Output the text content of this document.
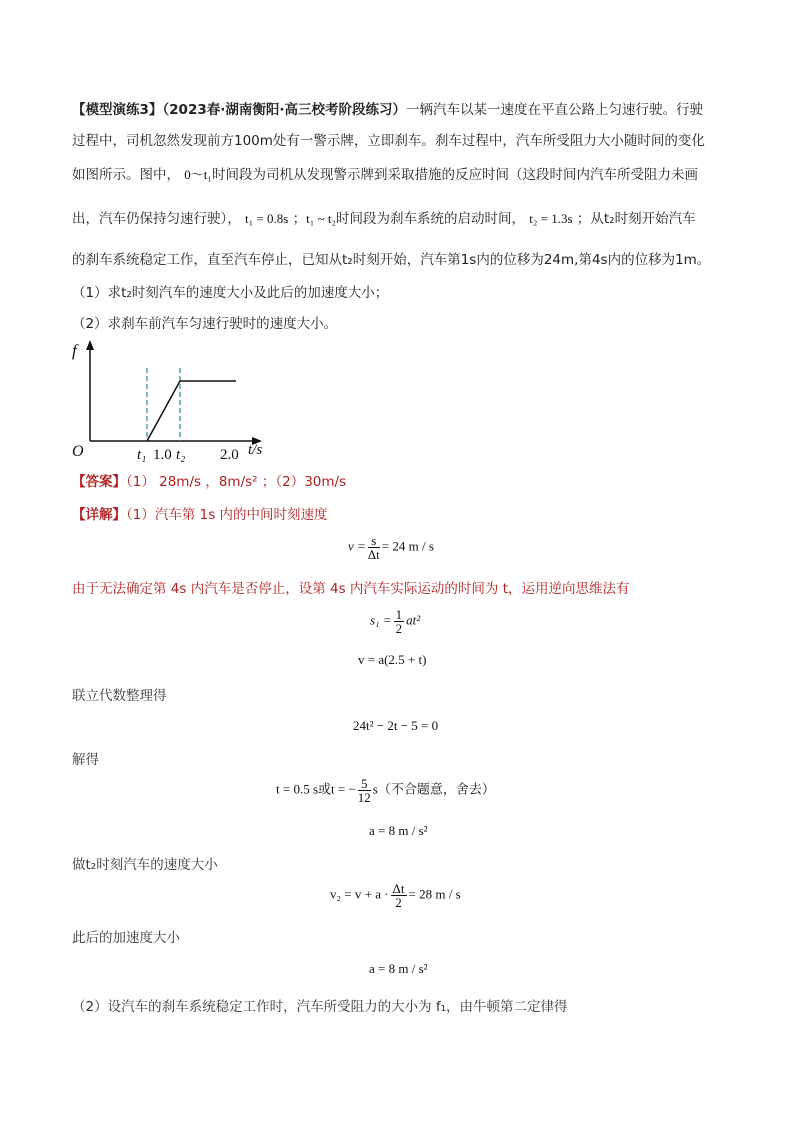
【模型演练3】（2023春·湖南衡阳·高三校考阶段练习）一辆汽车以某一速度在平直公路上匀速行驶。行驶
过程中，司机忽然发现前方100m处有一警示牌，立即刹车。刹车过程中，汽车所受阻力大小随时间的变化
如图所示。图中， 0～t₁时间段为司机从发现警示牌到采取措施的反应时间（这段时间内汽车所受阻力未画
出，汽车仍保持匀速行驶）， t₁ = 0.8s ；t₁ ~ t₂时间段为刹车系统的启动时间， t₂ = 1.3s ；从t₂时刻开始汽车
的刹车系统稳定工作，直至汽车停止，已知从t₂时刻开始，汽车第1s内的位移为24m,第4s内的位移为1m。
（1）求t₂时刻汽车的速度大小及此后的加速度大小；
（2）求刹车前汽车匀速行驶时的速度大小。
f
O	t₁ 1.0 t₂ 2.0 t/s
【答案】（1） 28m/s ，8m/s² ；（2）30m/s
【详解】（1）汽车第 1s 内的中间时刻速度
$v = \frac{s}{\Delta t} = 24$ m / s
由于无法确定第 4s 内汽车是否停止，设第 4s 内汽车实际运动的时间为 t，运用逆向思维法有
$s_1 = \frac{1}{2} at^2$
v = a(2.5 + t)
联立代数整理得
24t² − 2t − 5 = 0
解得
t = 0.5 s或t = − $\frac{5}{12} s$（不合题意，舍去）
a = 8 m / s²
做t₂时刻汽车的速度大小
$v_2 = v + a \cdot \frac{\Delta t}{2} = 28$ m / s
此后的加速度大小
a = 8 m / s²
（2）设汽车的刹车系统稳定工作时，汽车所受阻力的大小为 f₁，由牛顿第二定律得
